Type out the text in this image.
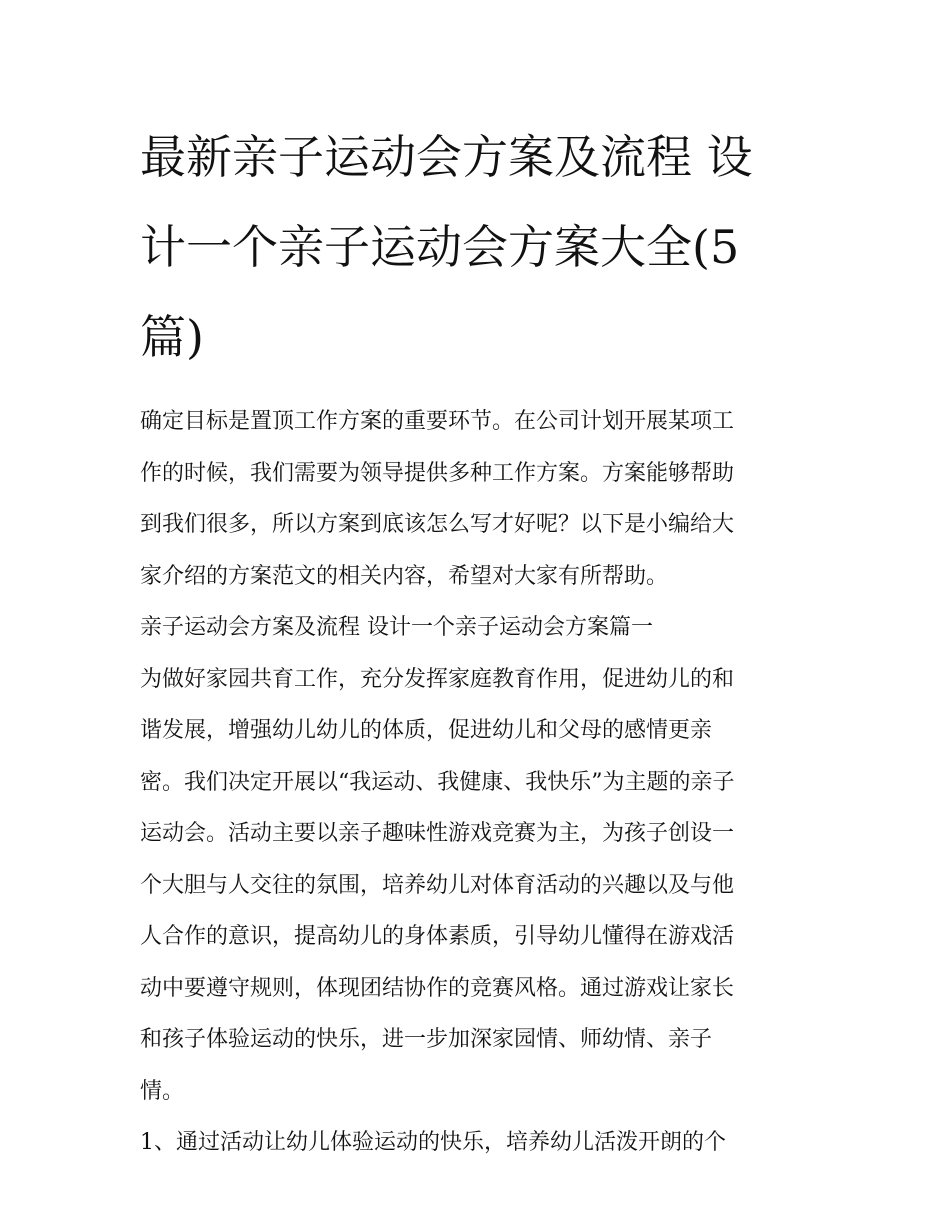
最新亲子运动会方案及流程 设
计一个亲子运动会方案大全(5
篇)
确定目标是置顶工作方案的重要环节。在公司计划开展某项工
作的时候，我们需要为领导提供多种工作方案。方案能够帮助
到我们很多，所以方案到底该怎么写才好呢？以下是小编给大
家介绍的方案范文的相关内容，希望对大家有所帮助。
亲子运动会方案及流程 设计一个亲子运动会方案篇一
为做好家园共育工作，充分发挥家庭教育作用，促进幼儿的和
谐发展，增强幼儿幼儿的体质，促进幼儿和父母的感情更亲
密。我们决定开展以“我运动、我健康、我快乐”为主题的亲子
运动会。活动主要以亲子趣味性游戏竞赛为主，为孩子创设一
个大胆与人交往的氛围，培养幼儿对体育活动的兴趣以及与他
人合作的意识，提高幼儿的身体素质，引导幼儿懂得在游戏活
动中要遵守规则，体现团结协作的竞赛风格。通过游戏让家长
和孩子体验运动的快乐，进一步加深家园情、师幼情、亲子
情。
1、通过活动让幼儿体验运动的快乐，培养幼儿活泼开朗的个
